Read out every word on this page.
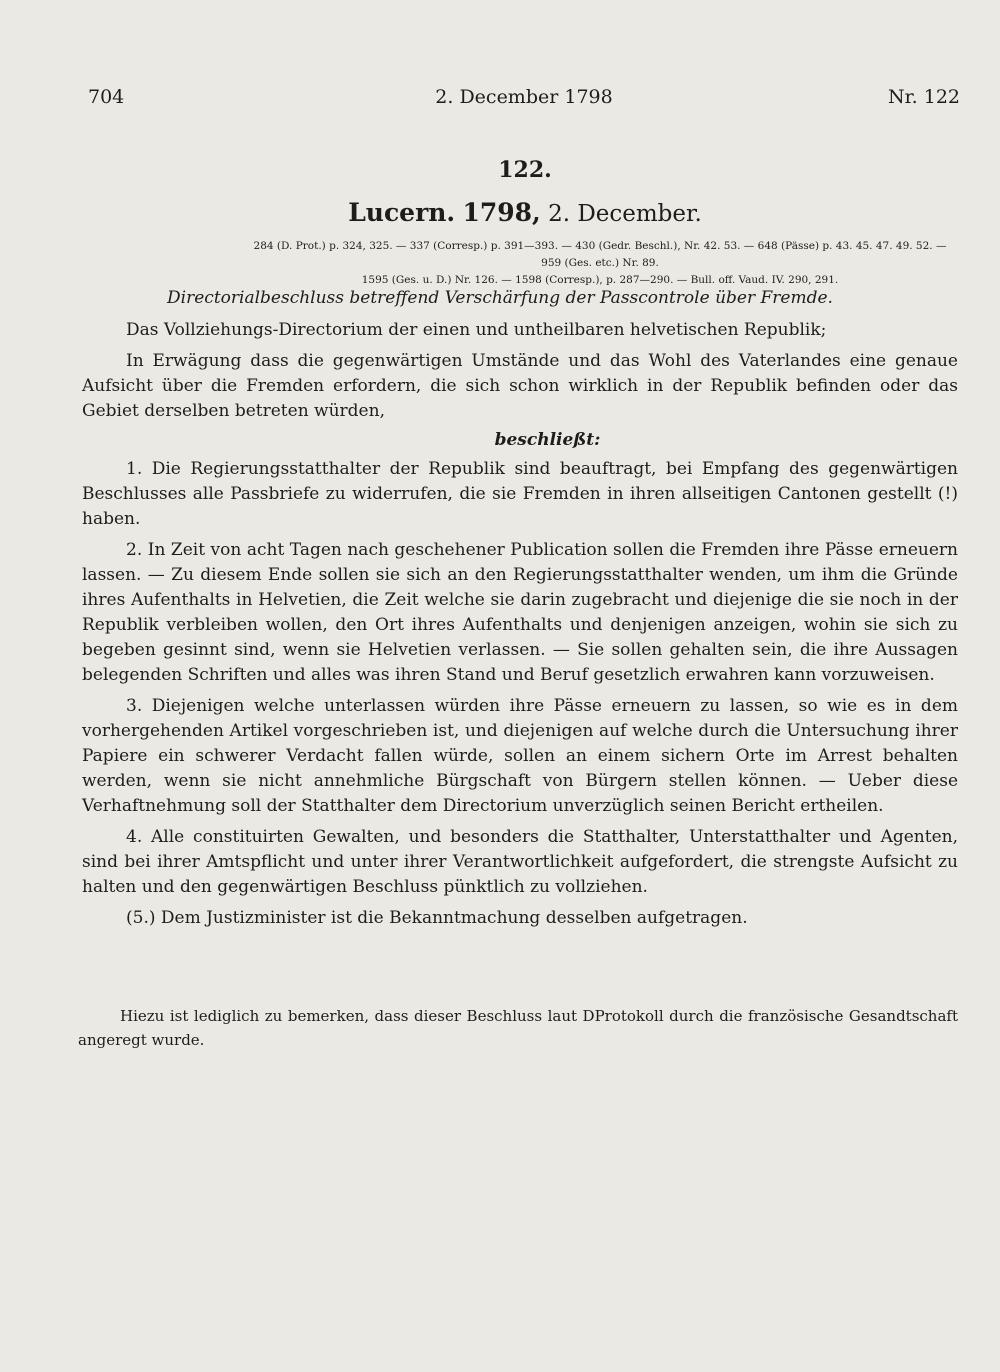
704	2. December 1798	Nr. 122
122.
Lucern. 1798, 2. December.
284 (D. Prot.) p. 324, 325. — 337 (Corresp.) p. 391—393. — 430 (Gedr. Beschl.), Nr. 42. 53. — 648 (Pässe) p. 43. 45. 47. 49. 52. — 959 (Ges. etc.) Nr. 89.
1595 (Ges. u. D.) Nr. 126. — 1598 (Corresp.), p. 287—290. — Bull. off. Vaud. IV. 290, 291.
Directorialbeschluss betreffend Verschärfung der Passcontrole über Fremde.

Das Vollziehungs-Directorium der einen und untheilbaren helvetischen Republik;

In Erwägung dass die gegenwärtigen Umstände und das Wohl des Vaterlandes eine genaue Aufsicht über die Fremden erfordern, die sich schon wirklich in der Republik befinden oder das Gebiet derselben betreten würden,

beschließt:

1. Die Regierungsstatthalter der Republik sind beauftragt, bei Empfang des gegenwärtigen Beschlusses alle Passbriefe zu widerrufen, die sie Fremden in ihren allseitigen Cantonen gestellt (!) haben.

2. In Zeit von acht Tagen nach geschehener Publication sollen die Fremden ihre Pässe erneuern lassen. — Zu diesem Ende sollen sie sich an den Regierungsstatthalter wenden, um ihm die Gründe ihres Aufenthalts in Helvetien, die Zeit welche sie darin zugebracht und diejenige die sie noch in der Republik verbleiben wollen, den Ort ihres Aufenthalts und denjenigen anzeigen, wohin sie sich zu begeben gesinnt sind, wenn sie Helvetien verlassen. — Sie sollen gehalten sein, die ihre Aussagen belegenden Schriften und alles was ihren Stand und Beruf gesetzlich erwahren kann vorzuweisen.

3. Diejenigen welche unterlassen würden ihre Pässe erneuern zu lassen, so wie es in dem vorhergehenden Artikel vorgeschrieben ist, und diejenigen auf welche durch die Untersuchung ihrer Papiere ein schwerer Verdacht fallen würde, sollen an einem sichern Orte im Arrest behalten werden, wenn sie nicht annehmliche Bürgschaft von Bürgern stellen können. — Ueber diese Verhaftnehmung soll der Statthalter dem Directorium unverzüglich seinen Bericht ertheilen.

4. Alle constituirten Gewalten, und besonders die Statthalter, Unterstatthalter und Agenten, sind bei ihrer Amtspflicht und unter ihrer Verantwortlichkeit aufgefordert, die strengste Aufsicht zu halten und den gegenwärtigen Beschluss pünktlich zu vollziehen.

(5.) Dem Justizminister ist die Bekanntmachung desselben aufgetragen.

Hiezu ist lediglich zu bemerken, dass dieser Beschluss laut DProtokoll durch die französische Gesandtschaft angeregt wurde.
